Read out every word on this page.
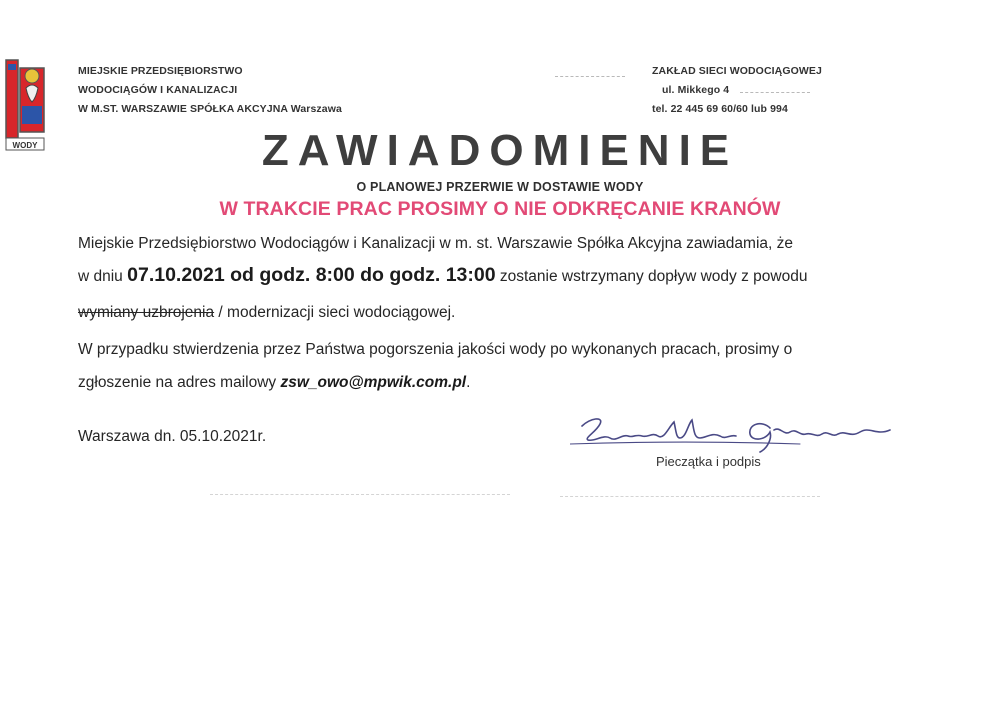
WODY
MIEJSKIE PRZEDSIĘBIORSTWO
WODOCIĄGÓW I KANALIZACJI
W M.ST. WARSZAWIE SPÓŁKA AKCYJNA Warszawa
ZAKŁAD SIECI WODOCIĄGOWEJ
ul. Mikkego 4
tel. 22 445 69 60/60 lub 994
ZAWIADOMIENIE
O PLANOWEJ PRZERWIE W DOSTAWIE WODY
W TRAKCIE PRAC PROSIMY O NIE ODKRĘCANIE KRANÓW
Miejskie Przedsiębiorstwo Wodociągów i Kanalizacji w m. st. Warszawie Spółka Akcyjna zawiadamia, że
w dniu 07.10.2021 od godz. 8:00 do godz. 13:00 zostanie wstrzymany dopływ wody z powodu
wymiany uzbrojenia / modernizacji sieci wodociągowej.
W przypadku stwierdzenia przez Państwa pogorszenia jakości wody po wykonanych pracach, prosimy o
zgłoszenie na adres mailowy zsw_owo@mpwik.com.pl.
Warszawa dn. 05.10.2021r.
Pieczątka i podpis
